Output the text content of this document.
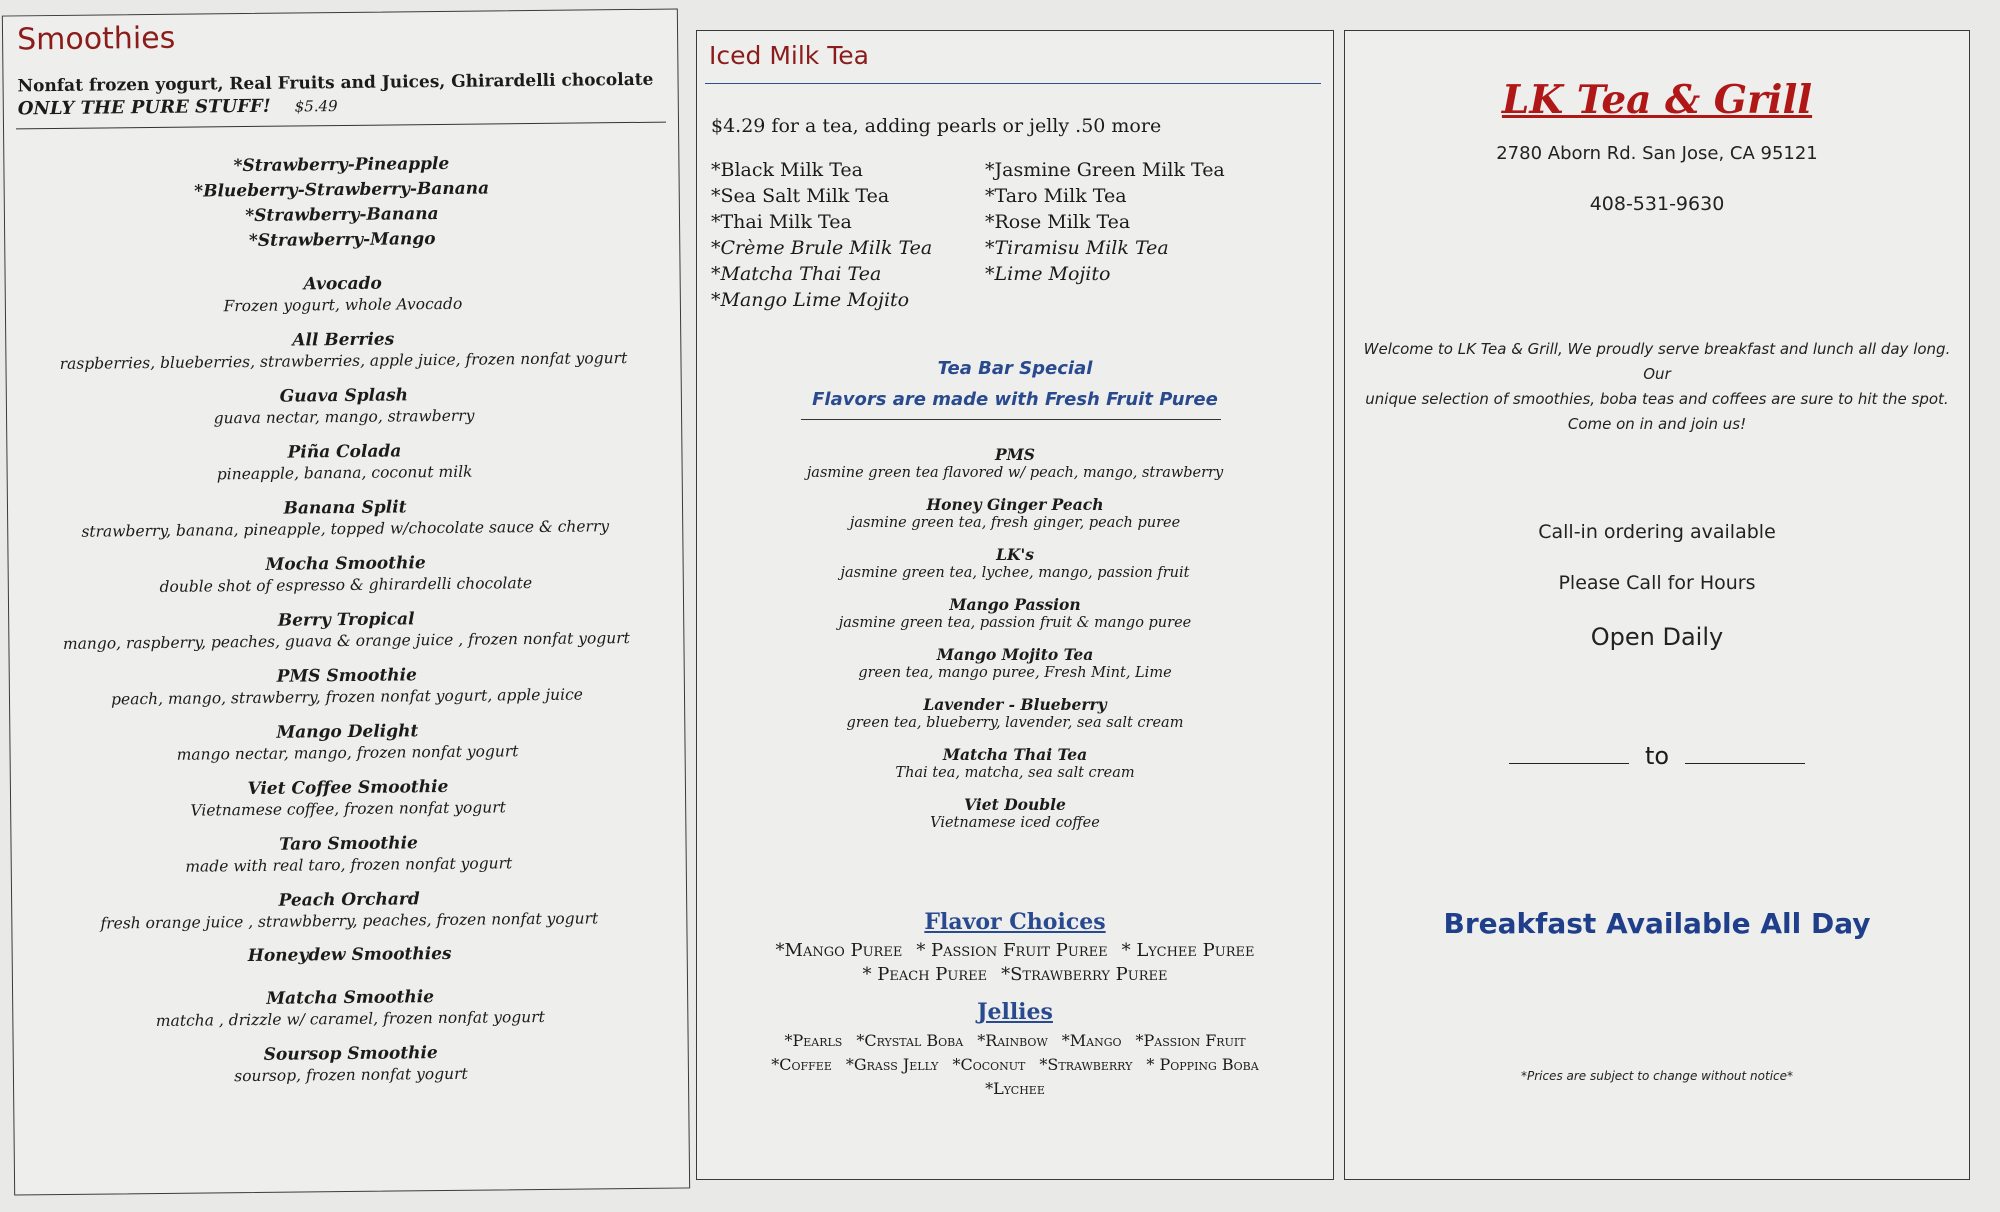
Smoothies
Nonfat frozen yogurt, Real Fruits and Juices, Ghirardelli chocolate
ONLY THE PURE STUFF! $5.49
*Strawberry-Pineapple
*Blueberry-Strawberry-Banana
*Strawberry-Banana
*Strawberry-Mango
Avocado
Frozen yogurt, whole Avocado
All Berries
raspberries, blueberries, strawberries, apple juice, frozen nonfat yogurt
Guava Splash
guava nectar, mango, strawberry
Piña Colada
pineapple, banana, coconut milk
Banana Split
strawberry, banana, pineapple, topped w/chocolate sauce & cherry
Mocha Smoothie
double shot of espresso & ghirardelli chocolate
Berry Tropical
mango, raspberry, peaches, guava & orange juice , frozen nonfat yogurt
PMS Smoothie
peach, mango, strawberry, frozen nonfat yogurt, apple juice
Mango Delight
mango nectar, mango, frozen nonfat yogurt
Viet Coffee Smoothie
Vietnamese coffee, frozen nonfat yogurt
Taro Smoothie
made with real taro, frozen nonfat yogurt
Peach Orchard
fresh orange juice , strawbberry, peaches, frozen nonfat yogurt
Honeydew Smoothies
Matcha Smoothie
matcha , drizzle w/ caramel, frozen nonfat yogurt
Soursop Smoothie
soursop, frozen nonfat yogurt
Iced Milk Tea
$4.29 for a tea, adding pearls or jelly .50 more
*Black Milk Tea
*Sea Salt Milk Tea
*Thai Milk Tea
*Crème Brule Milk Tea
*Matcha Thai Tea
*Mango Lime Mojito
*Jasmine Green Milk Tea
*Taro Milk Tea
*Rose Milk Tea
*Tiramisu Milk Tea
*Lime Mojito
Tea Bar Special
Flavors are made with Fresh Fruit Puree
PMS
jasmine green tea flavored w/ peach, mango, strawberry
Honey Ginger Peach
jasmine green tea, fresh ginger, peach puree
LK's
jasmine green tea, lychee, mango, passion fruit
Mango Passion
jasmine green tea, passion fruit & mango puree
Mango Mojito Tea
green tea, mango puree, Fresh Mint, Lime
Lavender - Blueberry
green tea, blueberry, lavender, sea salt cream
Matcha Thai Tea
Thai tea, matcha, sea salt cream
Viet Double
Vietnamese iced coffee
Flavor Choices
*Mango Puree * Passion Fruit Puree * Lychee Puree
* Peach Puree *Strawberry Puree
Jellies
*Pearls *Crystal Boba *Rainbow *Mango *Passion Fruit
*Coffee *Grass Jelly *Coconut *Strawberry * Popping Boba
*Lychee
LK Tea & Grill
2780 Aborn Rd. San Jose, CA 95121
408-531-9630
Welcome to LK Tea & Grill, We proudly serve breakfast and lunch all day long. Our
unique selection of smoothies, boba teas and coffees are sure to hit the spot.
Come on in and join us!
Call-in ordering available
Please Call for Hours
Open Daily
to
Breakfast Available All Day
*Prices are subject to change without notice*
